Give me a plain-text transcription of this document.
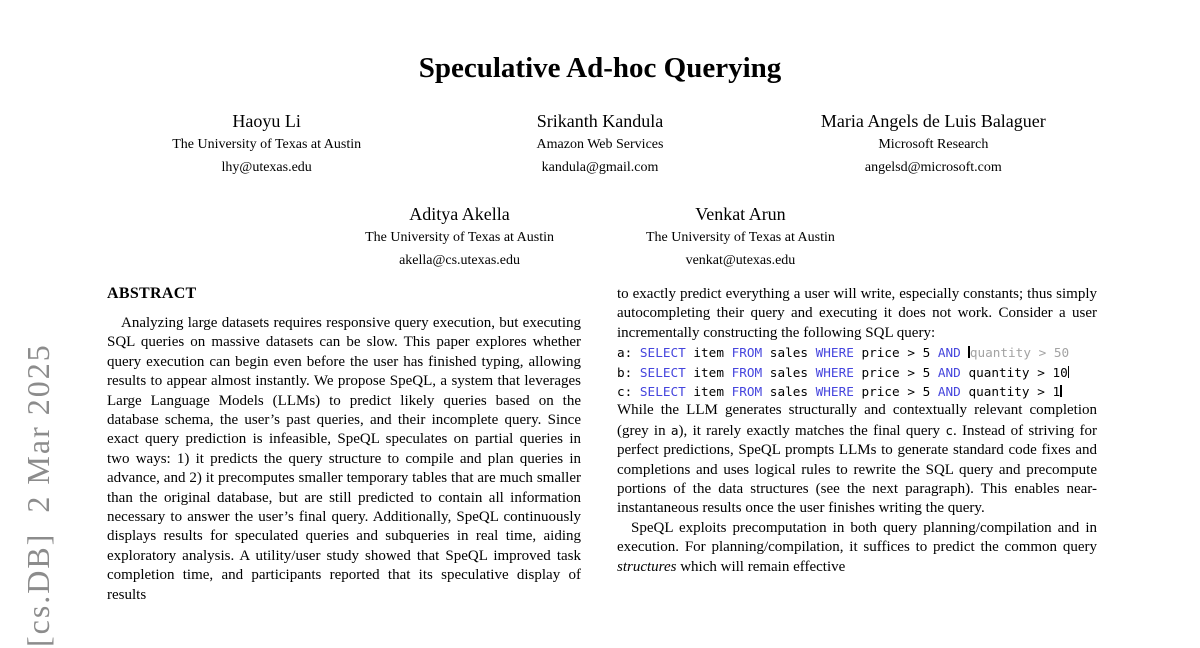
[cs.DB]  2 Mar 2025
Speculative Ad-hoc Querying
Haoyu Li
The University of Texas at Austin
lhy@utexas.edu
Srikanth Kandula
Amazon Web Services
kandula@gmail.com
Maria Angels de Luis Balaguer
Microsoft Research
angelsd@microsoft.com
Aditya Akella
The University of Texas at Austin
akella@cs.utexas.edu
Venkat Arun
The University of Texas at Austin
venkat@utexas.edu
ABSTRACT

Analyzing large datasets requires responsive query execution, but executing SQL queries on massive datasets can be slow. This paper explores whether query execution can begin even before the user has finished typing, allowing results to appear almost instantly. We propose SpeQL, a system that leverages Large Language Models (LLMs) to predict likely queries based on the database schema, the user’s past queries, and their incomplete query. Since exact query prediction is infeasible, SpeQL speculates on partial queries in two ways: 1) it predicts the query structure to compile and plan queries in advance, and 2) it precomputes smaller temporary tables that are much smaller than the original database, but are still predicted to contain all information necessary to answer the user’s final query. Additionally, SpeQL continuously displays results for speculated queries and subqueries in real time, aiding exploratory analysis. A utility/user study showed that SpeQL improved task completion time, and participants reported that its speculative display of results

to exactly predict everything a user will write, especially constants; thus simply autocompleting their query and executing it does not work. Consider a user incrementally constructing the following SQL query:

a: SELECT item FROM sales WHERE price > 5 AND quantity > 50
b: SELECT item FROM sales WHERE price > 5 AND quantity > 10
c: SELECT item FROM sales WHERE price > 5 AND quantity > 1

While the LLM generates structurally and contextually relevant completion (grey in a), it rarely exactly matches the final query c. Instead of striving for perfect predictions, SpeQL prompts LLMs to generate standard code fixes and completions and uses logical rules to rewrite the SQL query and precompute portions of the data structures (see the next paragraph). This enables near-instantaneous results once the user finishes writing the query.

SpeQL exploits precomputation in both query planning/compilation and in execution. For planning/compilation, it suffices to predict the common query structures which will remain effective
